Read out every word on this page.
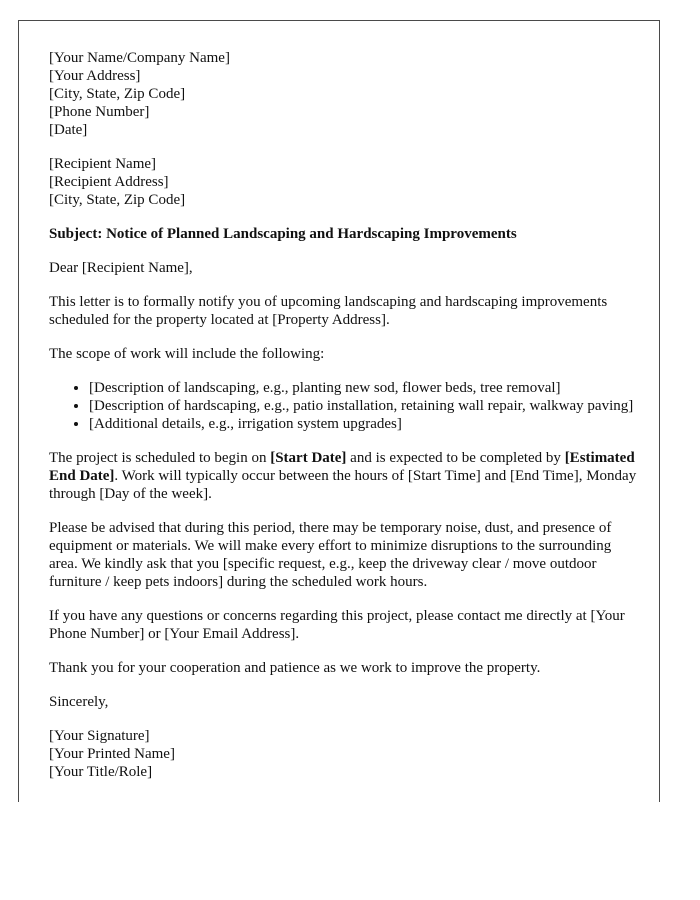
[Your Name/Company Name]
[Your Address]
[City, State, Zip Code]
[Phone Number]
[Date]
[Recipient Name]
[Recipient Address]
[City, State, Zip Code]

Subject: Notice of Planned Landscaping and Hardscaping Improvements

Dear [Recipient Name],

This letter is to formally notify you of upcoming landscaping and hardscaping improvements scheduled for the property located at [Property Address].

The scope of work will include the following:

• [Description of landscaping, e.g., planting new sod, flower beds, tree removal]
• [Description of hardscaping, e.g., patio installation, retaining wall repair, walkway paving]
• [Additional details, e.g., irrigation system upgrades]

The project is scheduled to begin on [Start Date] and is expected to be completed by [Estimated End Date]. Work will typically occur between the hours of [Start Time] and [End Time], Monday through [Day of the week].

Please be advised that during this period, there may be temporary noise, dust, and presence of equipment or materials. We will make every effort to minimize disruptions to the surrounding area. We kindly ask that you [specific request, e.g., keep the driveway clear / move outdoor furniture / keep pets indoors] during the scheduled work hours.

If you have any questions or concerns regarding this project, please contact me directly at [Your Phone Number] or [Your Email Address].

Thank you for your cooperation and patience as we work to improve the property.

Sincerely,

[Your Signature]
[Your Printed Name]
[Your Title/Role]
